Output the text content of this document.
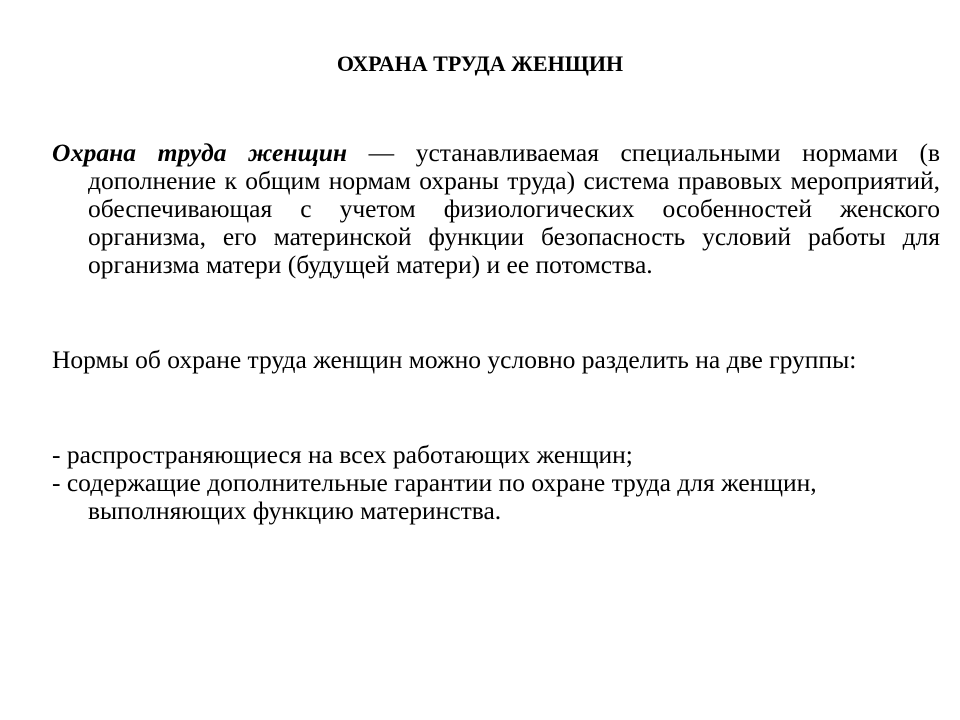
ОХРАНА ТРУДА ЖЕНЩИН
Охрана труда женщин — устанавливаемая специальными нормами (в дополнение к общим нормам охраны труда) система правовых мероприятий, обеспечивающая с учетом физиологических особенностей женского организма, его материнской функции безопасность условий работы для организма матери (будущей матери) и ее потомства.
Нормы об охране труда женщин можно условно разделить на две группы:
- распространяющиеся на всех работающих женщин;
- содержащие дополнительные гарантии по охране труда для женщин, выполняющих функцию материнства.
